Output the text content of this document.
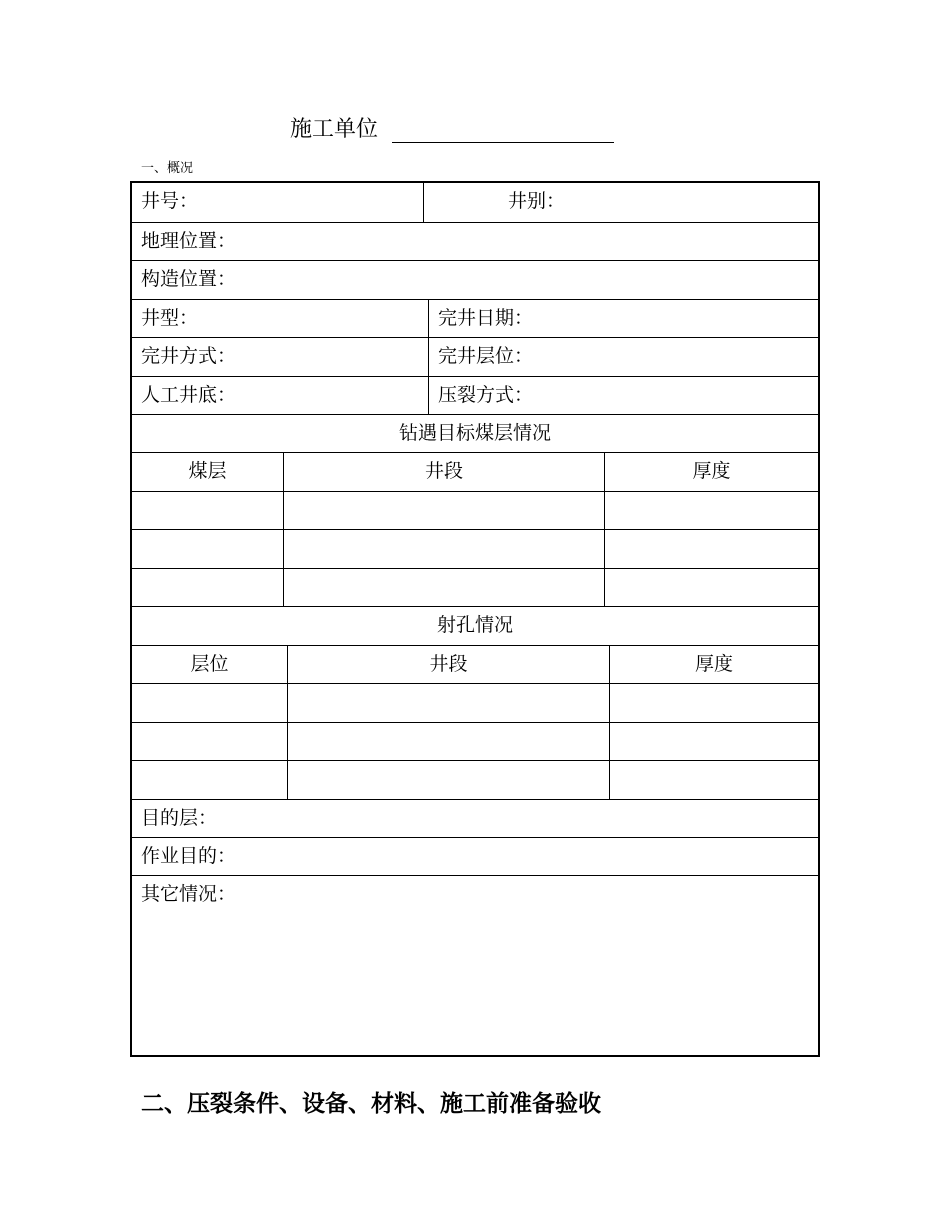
施工单位
一、概况
井号：	井别：
地理位置：
构造位置：
井型：	完井日期：
完井方式：	完井层位：
人工井底：	压裂方式：
钻遇目标煤层情况
煤层	井段	厚度
射孔情况
层位	井段	厚度
目的层：
作业目的：
其它情况：
二、压裂条件、设备、材料、施工前准备验收
